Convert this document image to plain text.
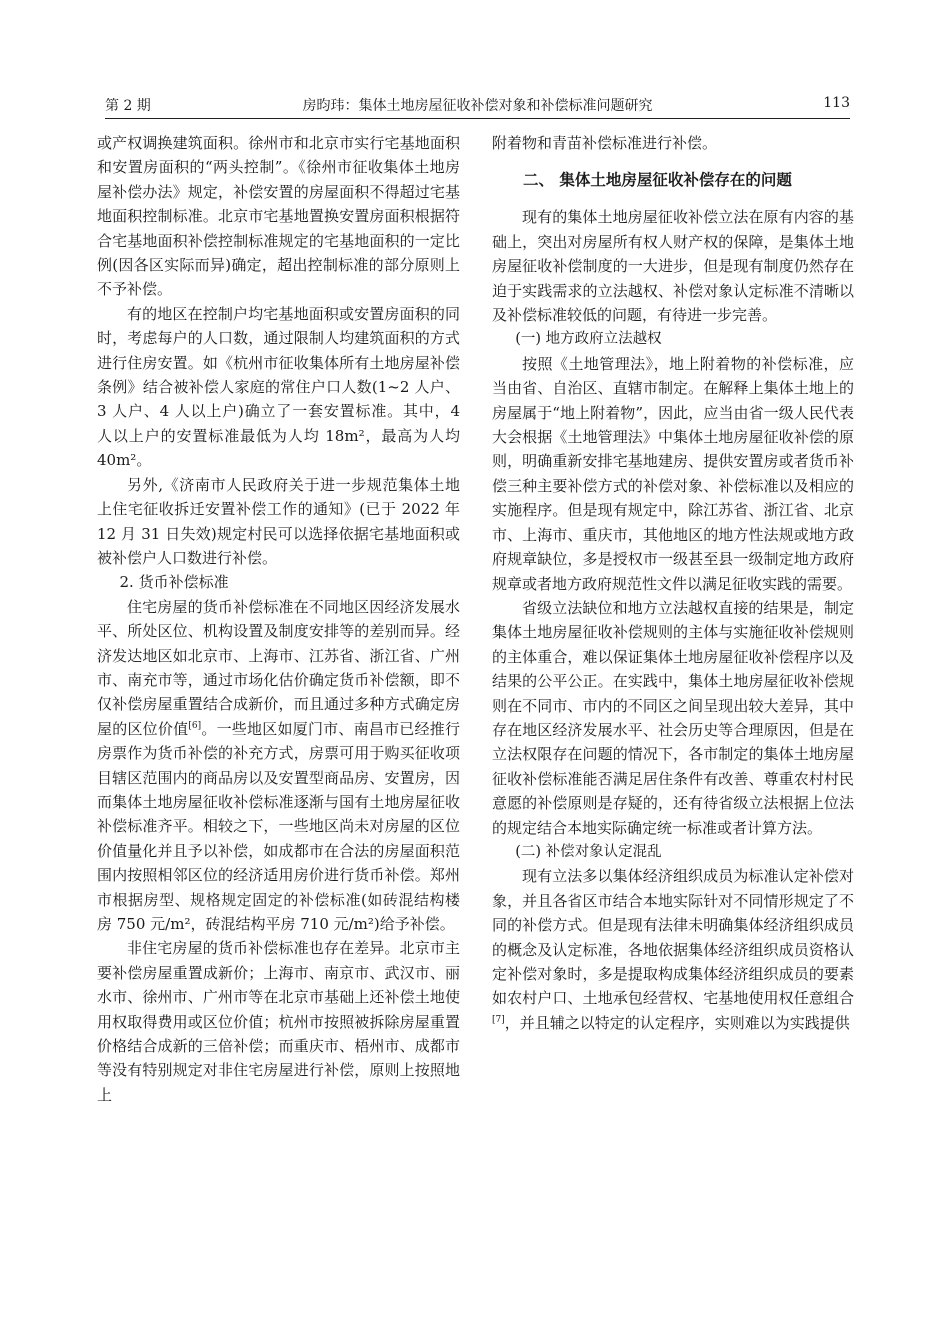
第 2 期	房昀玮：集体土地房屋征收补偿对象和补偿标准问题研究	113

或产权调换建筑面积。徐州市和北京市实行宅基地面积和安置房面积的“两头控制”。《徐州市征收集体土地房屋补偿办法》规定，补偿安置的房屋面积不得超过宅基地面积控制标准。北京市宅基地置换安置房面积根据符合宅基地面积补偿控制标准规定的宅基地面积的一定比例(因各区实际而异)确定，超出控制标准的部分原则上不予补偿。

有的地区在控制户均宅基地面积或安置房面积的同时，考虑每户的人口数，通过限制人均建筑面积的方式进行住房安置。如《杭州市征收集体所有土地房屋补偿条例》结合被补偿人家庭的常住户口人数(1~2 人户、3 人户、4 人以上户)确立了一套安置标准。其中，4 人以上户的安置标准最低为人均 18m²，最高为人均 40m²。

另外,《济南市人民政府关于进一步规范集体土地上住宅征收拆迁安置补偿工作的通知》(已于 2022 年 12 月 31 日失效)规定村民可以选择依据宅基地面积或被补偿户人口数进行补偿。

2. 货币补偿标准

住宅房屋的货币补偿标准在不同地区因经济发展水平、所处区位、机构设置及制度安排等的差别而异。经济发达地区如北京市、上海市、江苏省、浙江省、广州市、南充市等，通过市场化估价确定货币补偿额，即不仅补偿房屋重置结合成新价，而且通过多种方式确定房屋的区位价值[6]。一些地区如厦门市、南昌市已经推行房票作为货币补偿的补充方式，房票可用于购买征收项目辖区范围内的商品房以及安置型商品房、安置房，因而集体土地房屋征收补偿标准逐渐与国有土地房屋征收补偿标准齐平。相较之下，一些地区尚未对房屋的区位价值量化并且予以补偿，如成都市在合法的房屋面积范围内按照相邻区位的经济适用房价进行货币补偿。郑州市根据房型、规格规定固定的补偿标准(如砖混结构楼房 750 元/m²，砖混结构平房 710 元/m²)给予补偿。

非住宅房屋的货币补偿标准也存在差异。北京市主要补偿房屋重置成新价；上海市、南京市、武汉市、丽水市、徐州市、广州市等在北京市基础上还补偿土地使用权取得费用或区位价值；杭州市按照被拆除房屋重置价格结合成新的三倍补偿；而重庆市、梧州市、成都市等没有特别规定对非住宅房屋进行补偿，原则上按照地上

附着物和青苗补偿标准进行补偿。

二、 集体土地房屋征收补偿存在的问题

现有的集体土地房屋征收补偿立法在原有内容的基础上，突出对房屋所有权人财产权的保障，是集体土地房屋征收补偿制度的一大进步，但是现有制度仍然存在迫于实践需求的立法越权、补偿对象认定标准不清晰以及补偿标准较低的问题，有待进一步完善。

(一) 地方政府立法越权

按照《土地管理法》，地上附着物的补偿标准，应当由省、自治区、直辖市制定。在解释上集体土地上的房屋属于“地上附着物”，因此，应当由省一级人民代表大会根据《土地管理法》中集体土地房屋征收补偿的原则，明确重新安排宅基地建房、提供安置房或者货币补偿三种主要补偿方式的补偿对象、补偿标准以及相应的实施程序。但是现有规定中，除江苏省、浙江省、北京市、上海市、重庆市，其他地区的地方性法规或地方政府规章缺位，多是授权市一级甚至县一级制定地方政府规章或者地方政府规范性文件以满足征收实践的需要。

省级立法缺位和地方立法越权直接的结果是，制定集体土地房屋征收补偿规则的主体与实施征收补偿规则的主体重合，难以保证集体土地房屋征收补偿程序以及结果的公平公正。在实践中，集体土地房屋征收补偿规则在不同市、市内的不同区之间呈现出较大差异，其中存在地区经济发展水平、社会历史等合理原因，但是在立法权限存在问题的情况下，各市制定的集体土地房屋征收补偿标准能否满足居住条件有改善、尊重农村村民意愿的补偿原则是存疑的，还有待省级立法根据上位法的规定结合本地实际确定统一标准或者计算方法。

(二) 补偿对象认定混乱

现有立法多以集体经济组织成员为标准认定补偿对象，并且各省区市结合本地实际针对不同情形规定了不同的补偿方式。但是现有法律未明确集体经济组织成员的概念及认定标准，各地依据集体经济组织成员资格认定补偿对象时，多是提取构成集体经济组织成员的要素如农村户口、土地承包经营权、宅基地使用权任意组合[7]，并且辅之以特定的认定程序，实则难以为实践提供
